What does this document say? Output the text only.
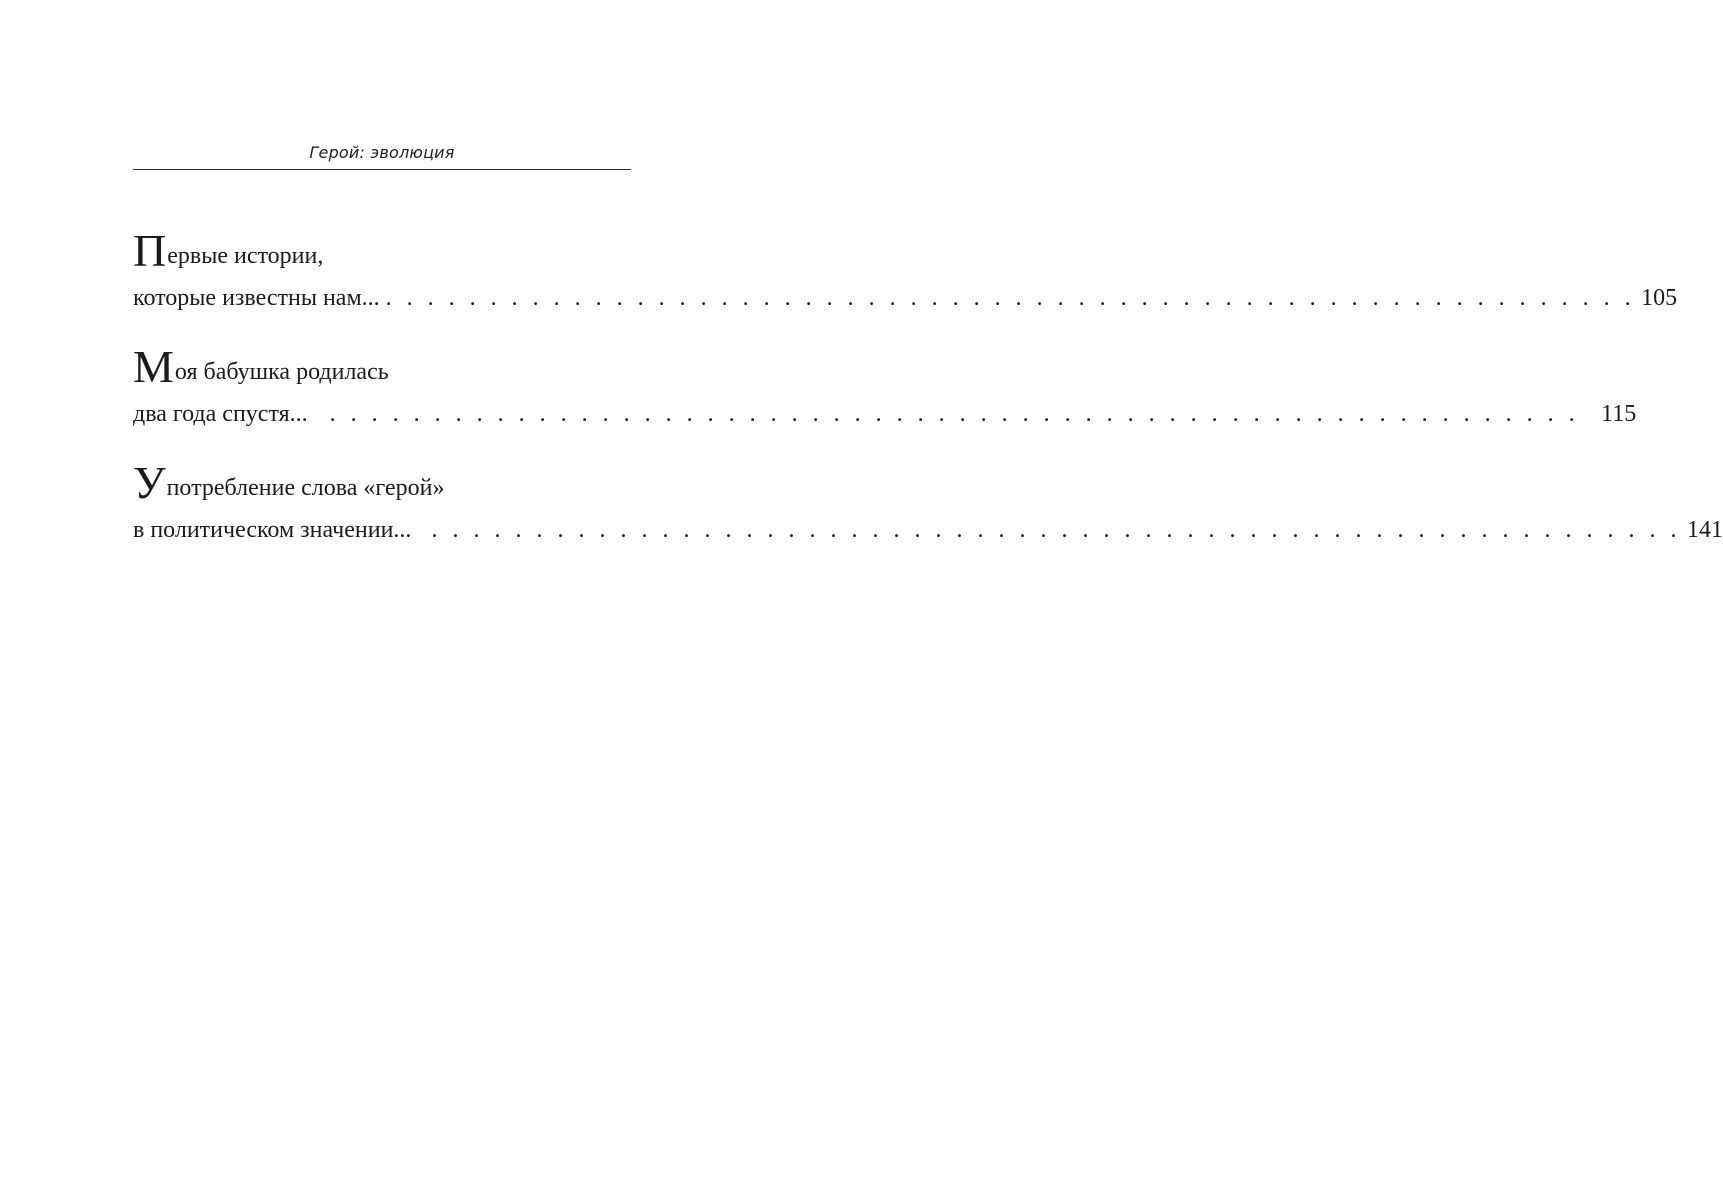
Герой: эволюция
П ервые истории,
которые известны нам... . . . . . . . . . . . . . . . . . . . . . . . . . . . . . . . . . . . . . . . . . . . . . . . . . . . . . . . . . . . . 105
М оя бабушка родилась
два года спустя... . . . . . . . . . . . . . . . . . . . . . . . . . . . . . . . . . . . . . . . . . . . . . . . . . . . . . . . . . . . . 115
У потребление слова «герой»
в политическом значении... . . . . . . . . . . . . . . . . . . . . . . . . . . . . . . . . . . . . . . . . . . . . . . . . . . . . . . . . . . . . 141
